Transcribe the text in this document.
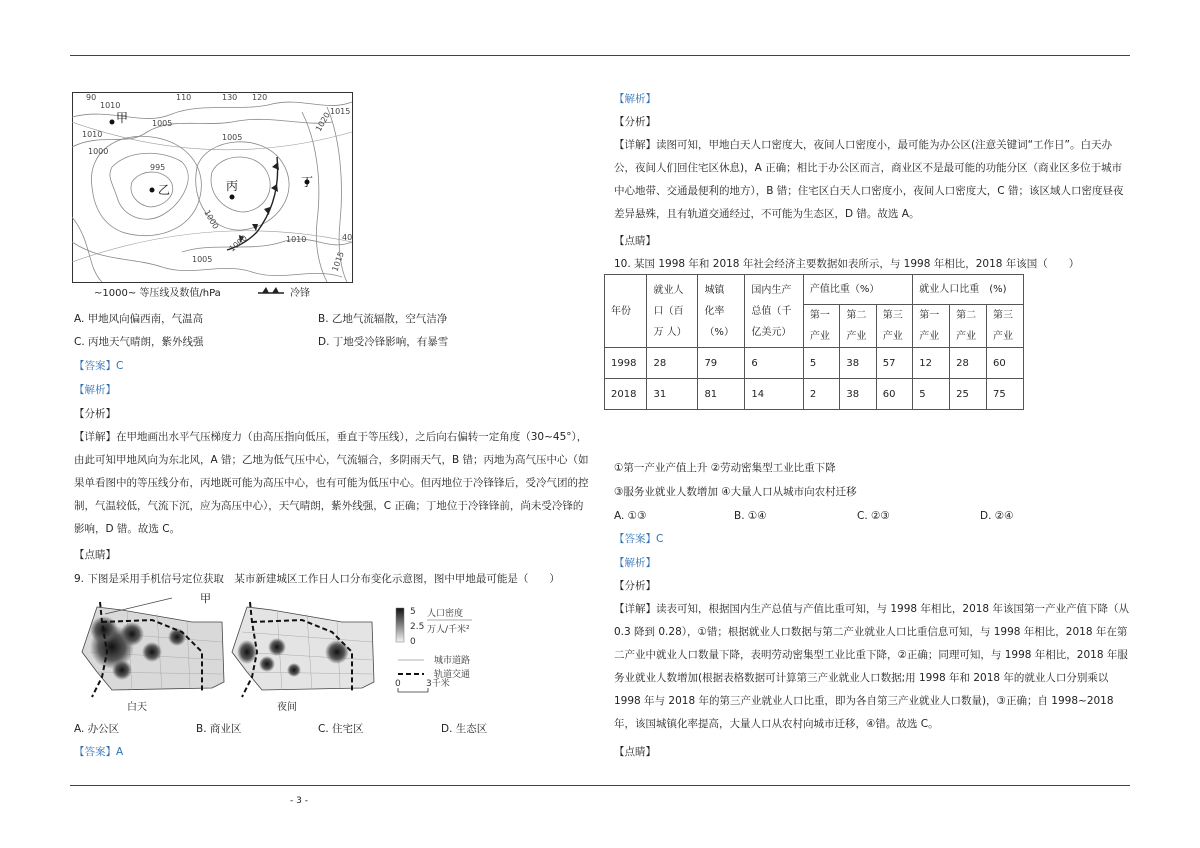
90
1010
1005
110	130 120
1020
1015
1010	1005
1000
995
1000
1005
1010
1000
1015
40
甲
乙	丙	丁
~1000~ 等压线及数值/hPa	冷锋
A. 甲地风向偏西南，气温高	B. 乙地气流辐散，空气洁净
C. 丙地天气晴朗，紫外线强	D. 丁地受冷锋影响，有暴雪
【答案】C
【解析】
【分析】
【详解】在甲地画出水平气压梯度力（由高压指向低压，垂直于等压线），之后向右偏转一定角度（30~45°），由此可知甲地风向为东北风，A 错；乙地为低气压中心，气流辐合，多阴雨天气，B 错；丙地为高气压中心（如果单看图中的等压线分布，丙地既可能为高压中心，也有可能为低压中心。但丙地位于冷锋锋后，受冷气团的控制，气温较低，气流下沉，应为高压中心），天气晴朗，紫外线强，C 正确；丁地位于冷锋锋前，尚未受冷锋的影响，D 错。故选 C。
【点睛】
9. 下图是采用手机信号定位获取　某市新建城区工作日人口分布变化示意图，图中甲地最可能是（　　）
白天	夜间
甲
5
2.5
0
人口密度
万人/千米²
城市道路
轨道交通
0	3千米
A. 办公区	B. 商业区	C. 住宅区	D. 生态区
【答案】A
- 3 -
【解析】
【分析】
【详解】读图可知，甲地白天人口密度大，夜间人口密度小，最可能为办公区(注意关键词“工作日”。白天办公，夜间人们回住宅区休息)，A 正确；相比于办公区而言，商业区不是最可能的功能分区（商业区多位于城市中心地带、交通最便利的地方），B 错；住宅区白天人口密度小，夜间人口密度大，C 错；该区域人口密度昼夜差异悬殊，且有轨道交通经过，不可能为生态区，D 错。故选 A。
【点睛】
10. 某国 1998 年和 2018 年社会经济主要数据如表所示，与 1998 年相比，2018 年该国（　　）
年份	就业人
口（百
万 人）	城镇
化率
（%）	国内生产
总值（千
亿美元）	产值比重（%）			就业人口比重　(%)		
				第一
产业	第二
产业	第三
产业	第一
产业	第二
产业	第三
产业
1998	28	79	6	5	38	57	12	28	60
2018	31	81	14	2	38	60	5	25	75
①第一产业产值上升 ②劳动密集型工业比重下降
③服务业就业人数增加 ④大量人口从城市向农村迁移
A. ①③	B. ①④	C. ②③	D. ②④
【答案】C
【解析】
【分析】
【详解】读表可知，根据国内生产总值与产值比重可知，与 1998 年相比，2018 年该国第一产业产值下降（从 0.3 降到 0.28），①错；根据就业人口数据与第二产业就业人口比重信息可知，与 1998 年相比，2018 年在第二产业中就业人口数量下降，表明劳动密集型工业比重下降，②正确；同理可知，与 1998 年相比，2018 年服务业就业人数增加(根据表格数据可计算第三产业就业人口数据;用 1998 年和 2018 年的就业人口分别乘以 1998 年与 2018 年的第三产业就业人口比重，即为各自第三产业就业人口数量)，③正确；自 1998~2018 年，该国城镇化率提高，大量人口从农村向城市迁移，④错。故选 C。
【点睛】
